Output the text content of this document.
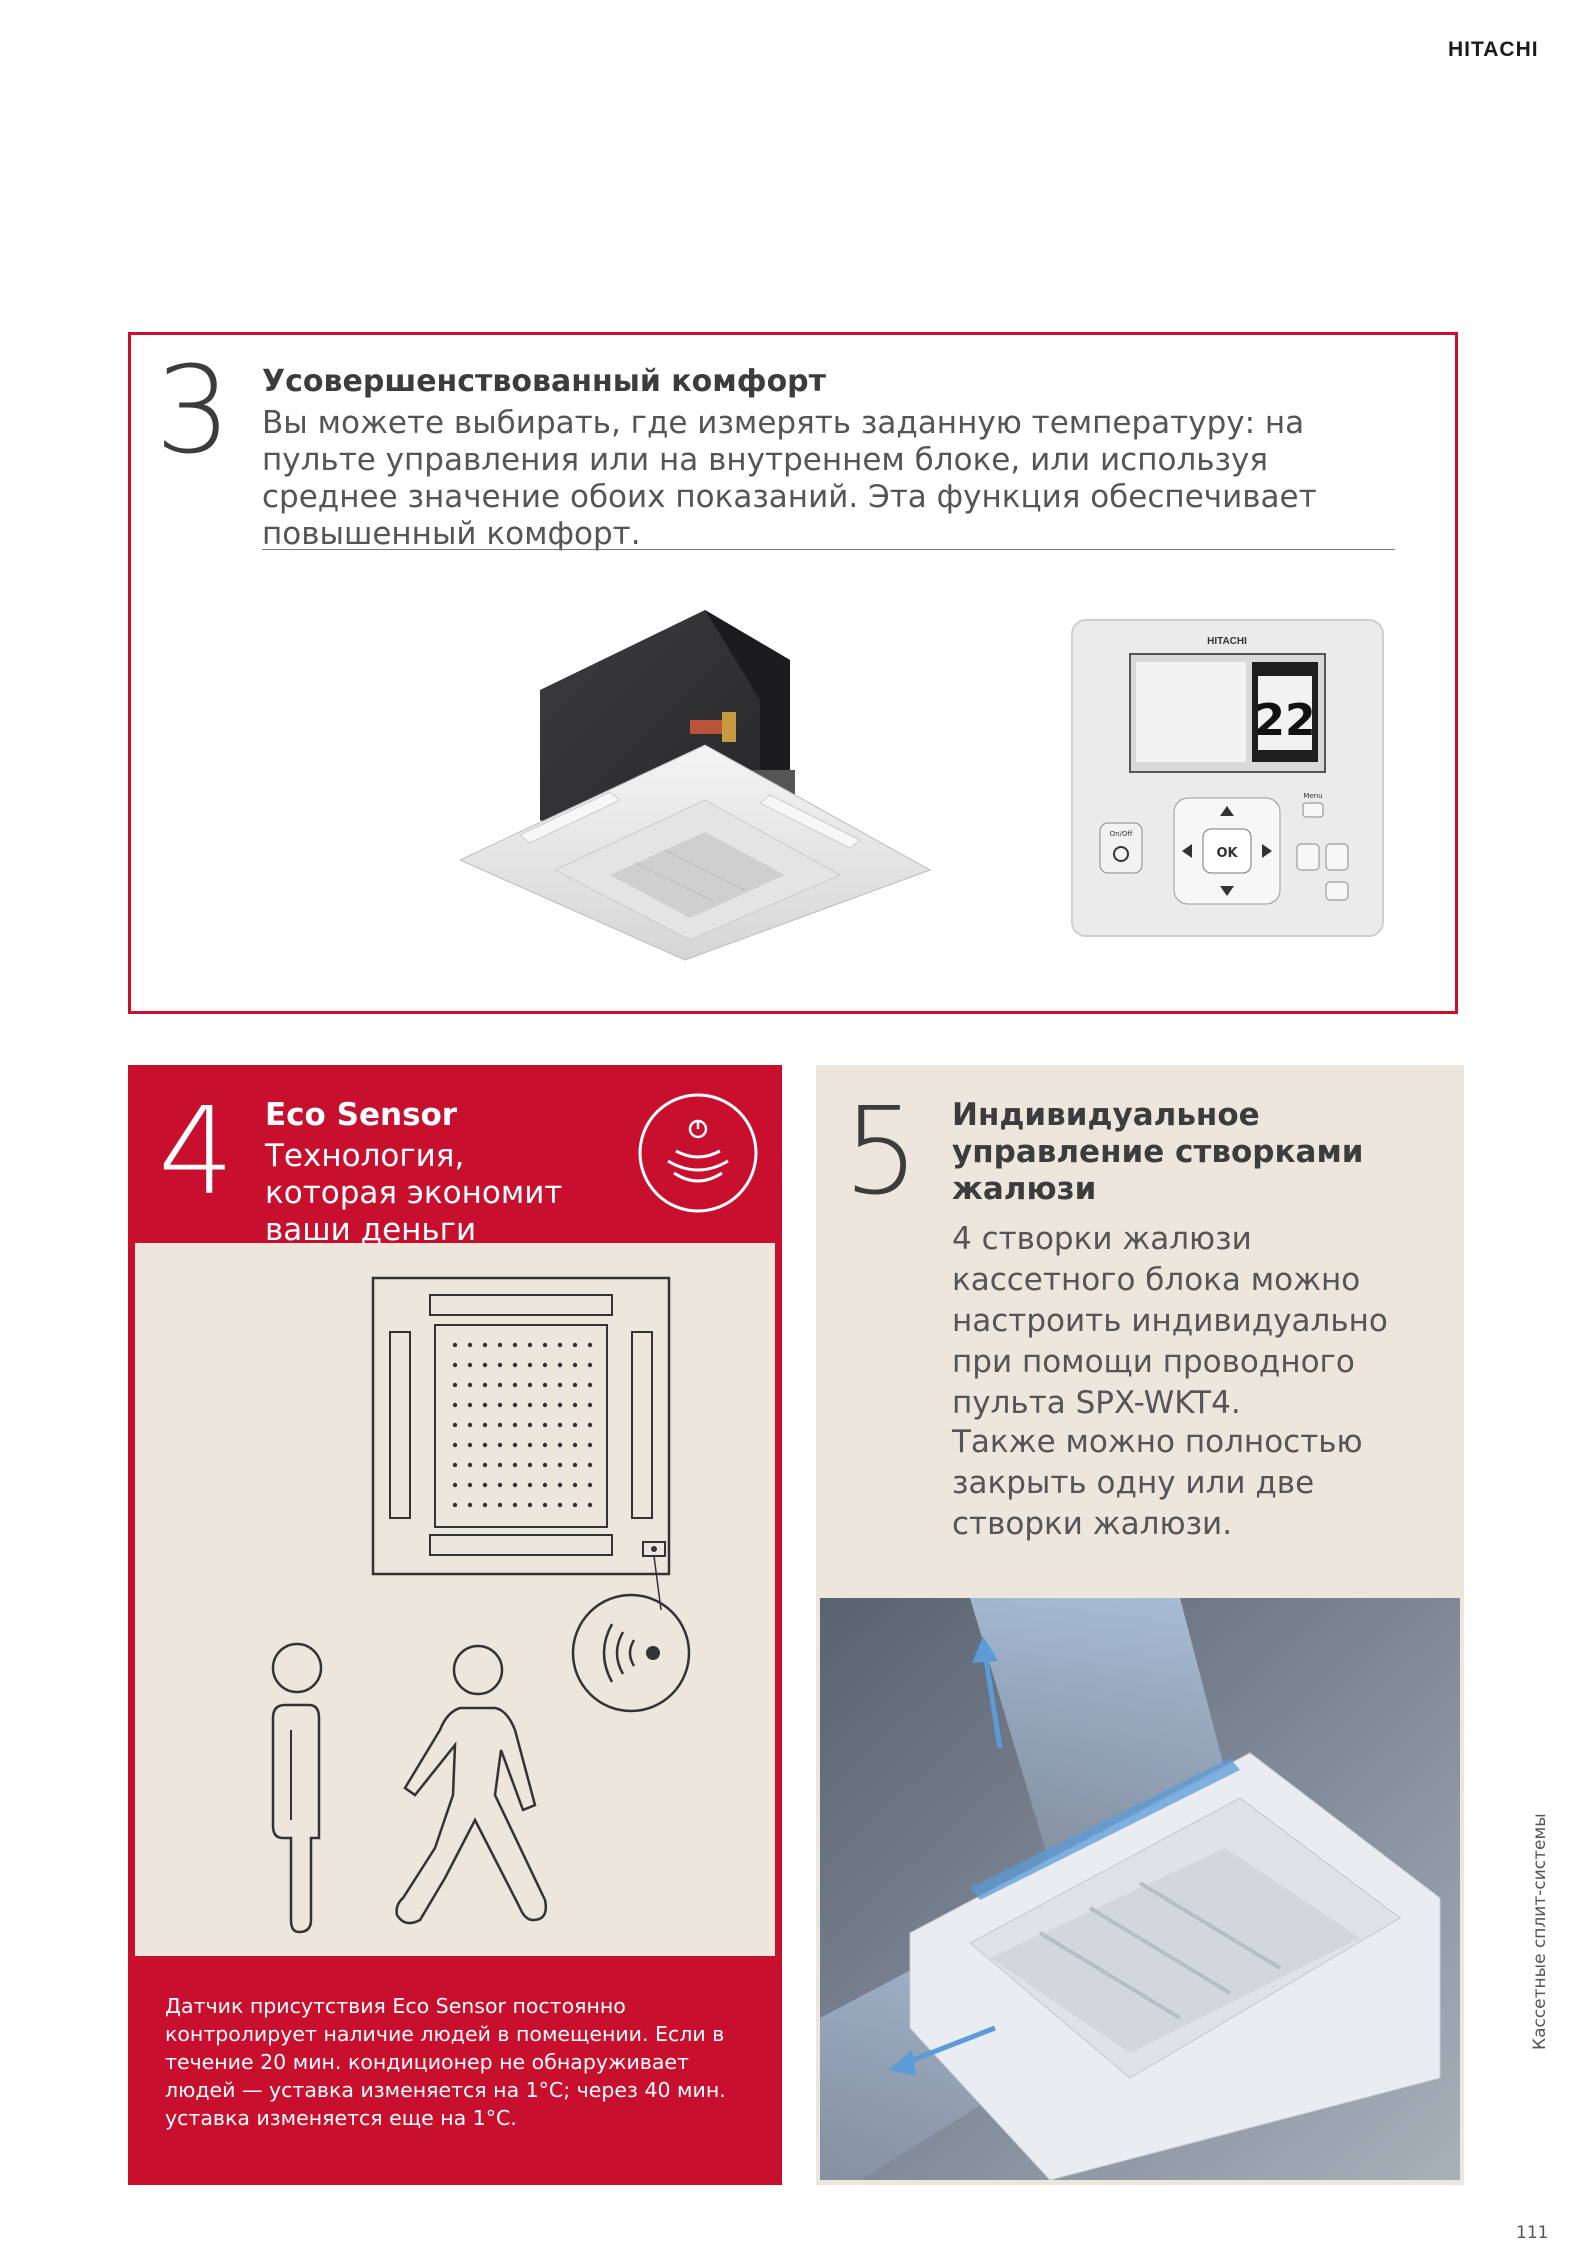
HITACHI
3 Усовершенствованный комфорт
Вы можете выбирать, где измерять заданную температуру: на пульте управления или на внутреннем блоке, или используя среднее значение обоих показаний. Эта функция обеспечивает повышенный комфорт.
HITACHI
22
OK
On/Off
Menu
4 Eco Sensor
Технология, которая экономит ваши деньги
Датчик присутствия Eco Sensor постоянно контролирует наличие людей в помещении. Если в течение 20 мин. кондиционер не обнаруживает людей — уставка изменяется на 1°С; через 40 мин. уставка изменяется еще на 1°С.
5 Индивидуальное управление створками жалюзи
4 створки жалюзи кассетного блока можно настроить индивидуально при помощи проводного пульта SPX-WKT4.
Также можно полностью закрыть одну или две створки жалюзи.
Кассетные сплит-системы
111
